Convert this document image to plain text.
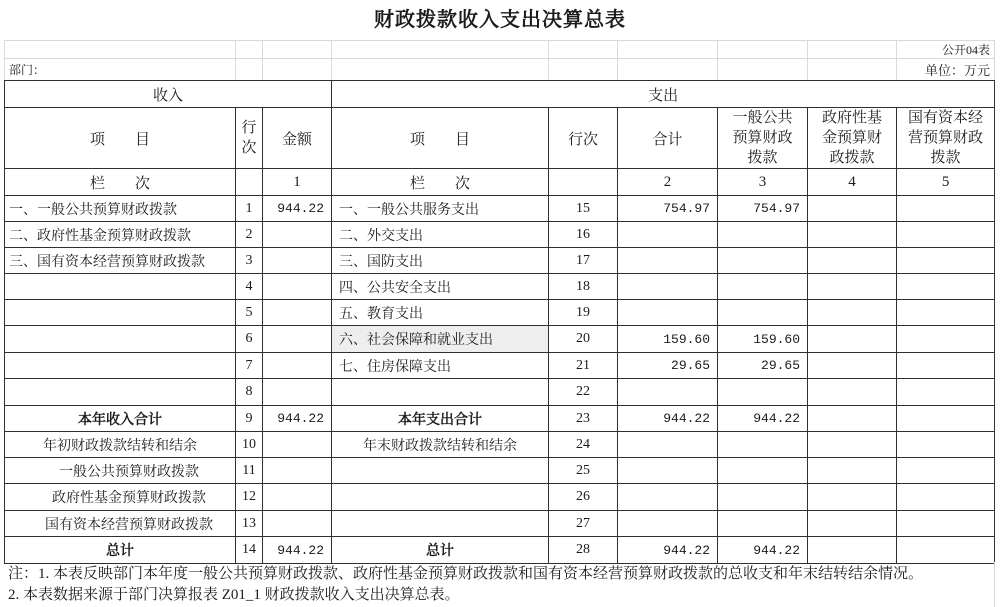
财政拨款收入支出决算总表
								公开04表
部门：								单位：万元
收入			支出					
项　　目	行次	金额	项　　目	行次	合计	一般公共预算财政拨款	政府性基金预算财政拨款	国有资本经营预算财政拨款
栏　　次		1	栏　　次		2	3	4	5
一、一般公共预算财政拨款	1	944.22	一、一般公共服务支出	15	754.97	754.97		
二、政府性基金预算财政拨款	2		二、外交支出	16				
三、国有资本经营预算财政拨款	3		三、国防支出	17				
	4		四、公共安全支出	18				
	5		五、教育支出	19				
	6		六、社会保障和就业支出	20	159.60	159.60		
	7		七、住房保障支出	21	29.65	29.65		
	8			22				
本年收入合计	9	944.22	本年支出合计	23	944.22	944.22		
年初财政拨款结转和结余	10		年末财政拨款结转和结余	24				
一般公共预算财政拨款	11			25				
政府性基金预算财政拨款	12			26				
国有资本经营预算财政拨款	13			27				
总计	14	944.22	总计	28	944.22	944.22		
注：1. 本表反映部门本年度一般公共预算财政拨款、政府性基金预算财政拨款和国有资本经营预算财政拨款的总收支和年末结转结余情况。
2. 本表数据来源于部门决算报表 Z01_1 财政拨款收入支出决算总表。
